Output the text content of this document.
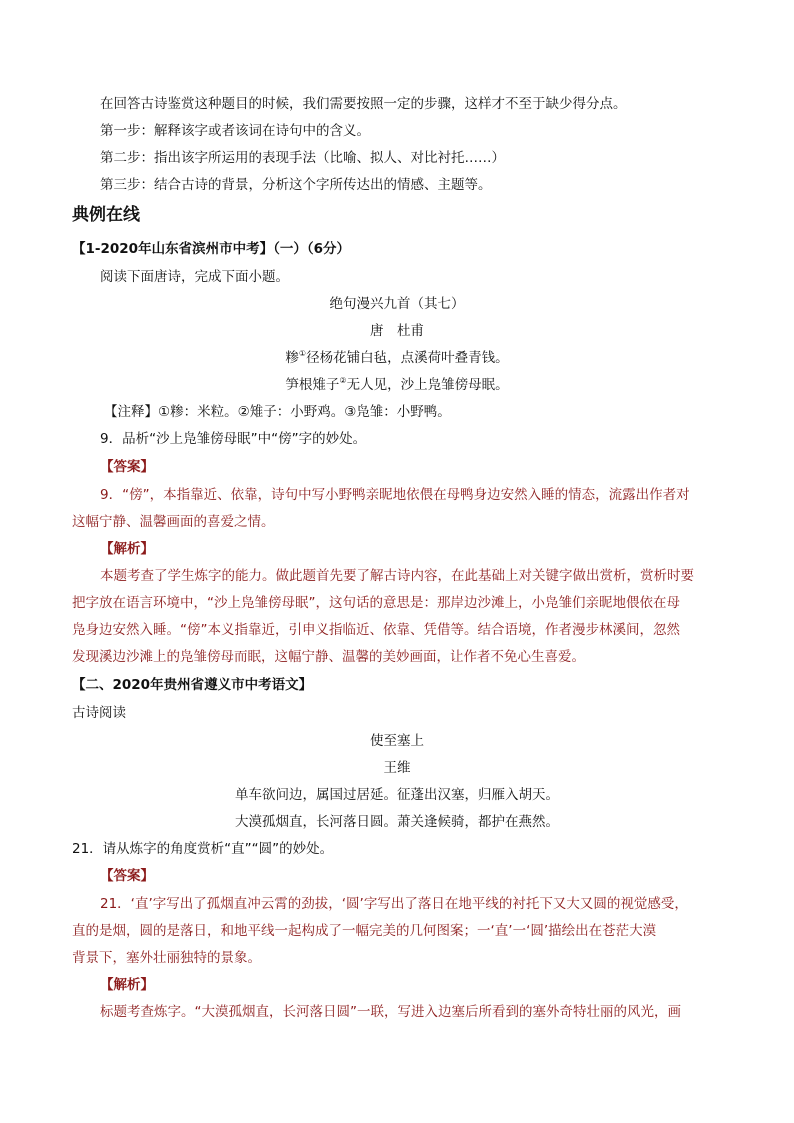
在回答古诗鉴赏这种题目的时候，我们需要按照一定的步骤，这样才不至于缺少得分点。
第一步：解释该字或者该词在诗句中的含义。
第二步：指出该字所运用的表现手法（比喻、拟人、对比衬托……）
第三步：结合古诗的背景，分析这个字所传达出的情感、主题等。
典例在线
【1-2020年山东省滨州市中考】（一）（6分）
阅读下面唐诗，完成下面小题。
绝句漫兴九首（其七）
唐　杜甫
糁①径杨花铺白毡，点溪荷叶叠青钱。
笋根雉子②无人见，沙上凫雏傍母眠。
【注释】①糁：米粒。②雉子：小野鸡。③凫雏：小野鸭。
9．品析“沙上凫雏傍母眠”中“傍”字的妙处。
【答案】
9．“傍”，本指靠近、依靠，诗句中写小野鸭亲昵地依偎在母鸭身边安然入睡的情态，流露出作者对
这幅宁静、温馨画面的喜爱之情。
【解析】
本题考查了学生炼字的能力。做此题首先要了解古诗内容，在此基础上对关键字做出赏析，赏析时要
把字放在语言环境中，“沙上凫雏傍母眠”，这句话的意思是：那岸边沙滩上，小凫雏们亲昵地偎依在母
凫身边安然入睡。“傍”本义指靠近，引申义指临近、依靠、凭借等。结合语境，作者漫步林溪间，忽然
发现溪边沙滩上的凫雏傍母而眠，这幅宁静、温馨的美妙画面，让作者不免心生喜爱。
【二、2020年贵州省遵义市中考语文】
古诗阅读
使至塞上
王维
单车欲问边，属国过居延。征蓬出汉塞，归雁入胡天。
大漠孤烟直，长河落日圆。萧关逢候骑，都护在燕然。
21．请从炼字的角度赏析“直”“圆”的妙处。
【答案】
21．‘直’字写出了孤烟直冲云霄的劲拔，‘圆’字写出了落日在地平线的衬托下又大又圆的视觉感受，
直的是烟，圆的是落日，和地平线一起构成了一幅完美的几何图案；一‘直’一‘圆’描绘出在苍茫大漠
背景下，塞外壮丽独特的景象。
【解析】
标题考查炼字。“大漠孤烟直，长河落日圆”一联，写进入边塞后所看到的塞外奇特壮丽的风光，画
